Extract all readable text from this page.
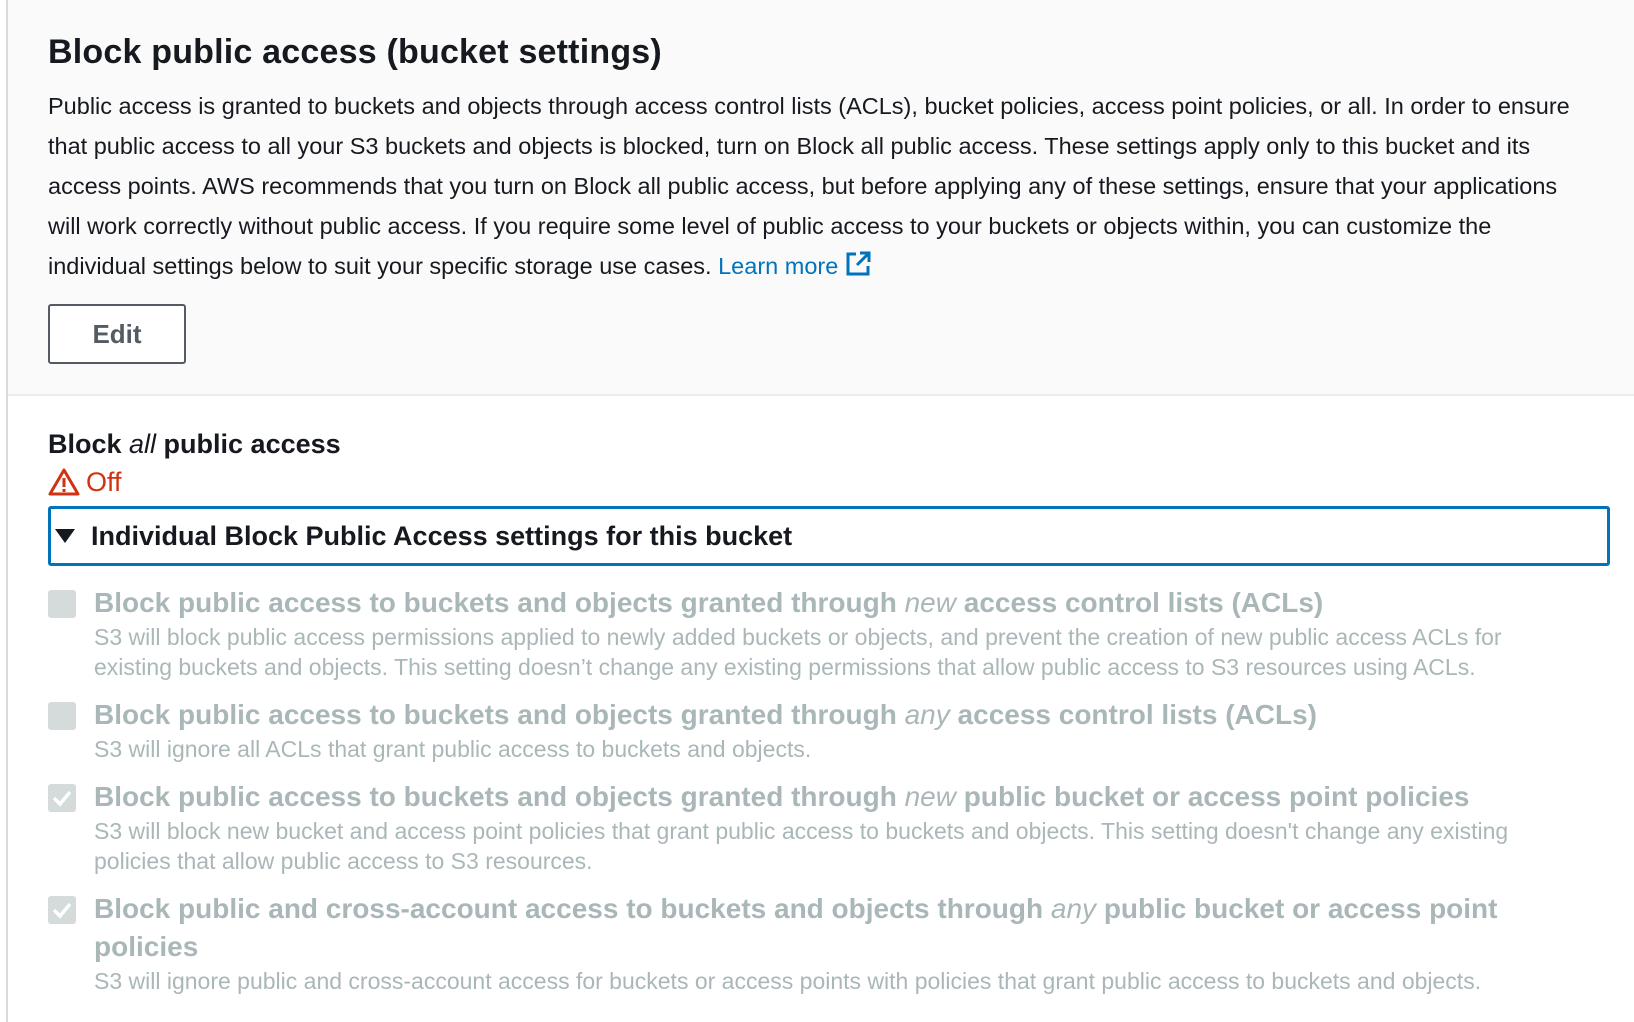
Block public access (bucket settings)

Public access is granted to buckets and objects through access control lists (ACLs), bucket policies, access point policies, or all. In order to ensure that public access to all your S3 buckets and objects is blocked, turn on Block all public access. These settings apply only to this bucket and its access points. AWS recommends that you turn on Block all public access, but before applying any of these settings, ensure that your applications will work correctly without public access. If you require some level of public access to your buckets or objects within, you can customize the individual settings below to suit your specific storage use cases. Learn more

Edit
Block all public access
Off
Individual Block Public Access settings for this bucket
Block public access to buckets and objects granted through new access control lists (ACLs)
S3 will block public access permissions applied to newly added buckets or objects, and prevent the creation of new public access ACLs for existing buckets and objects. This setting doesn’t change any existing permissions that allow public access to S3 resources using ACLs.
Block public access to buckets and objects granted through any access control lists (ACLs)
S3 will ignore all ACLs that grant public access to buckets and objects.
Block public access to buckets and objects granted through new public bucket or access point policies
S3 will block new bucket and access point policies that grant public access to buckets and objects. This setting doesn't change any existing policies that allow public access to S3 resources.
Block public and cross-account access to buckets and objects through any public bucket or access point policies
S3 will ignore public and cross-account access for buckets or access points with policies that grant public access to buckets and objects.
